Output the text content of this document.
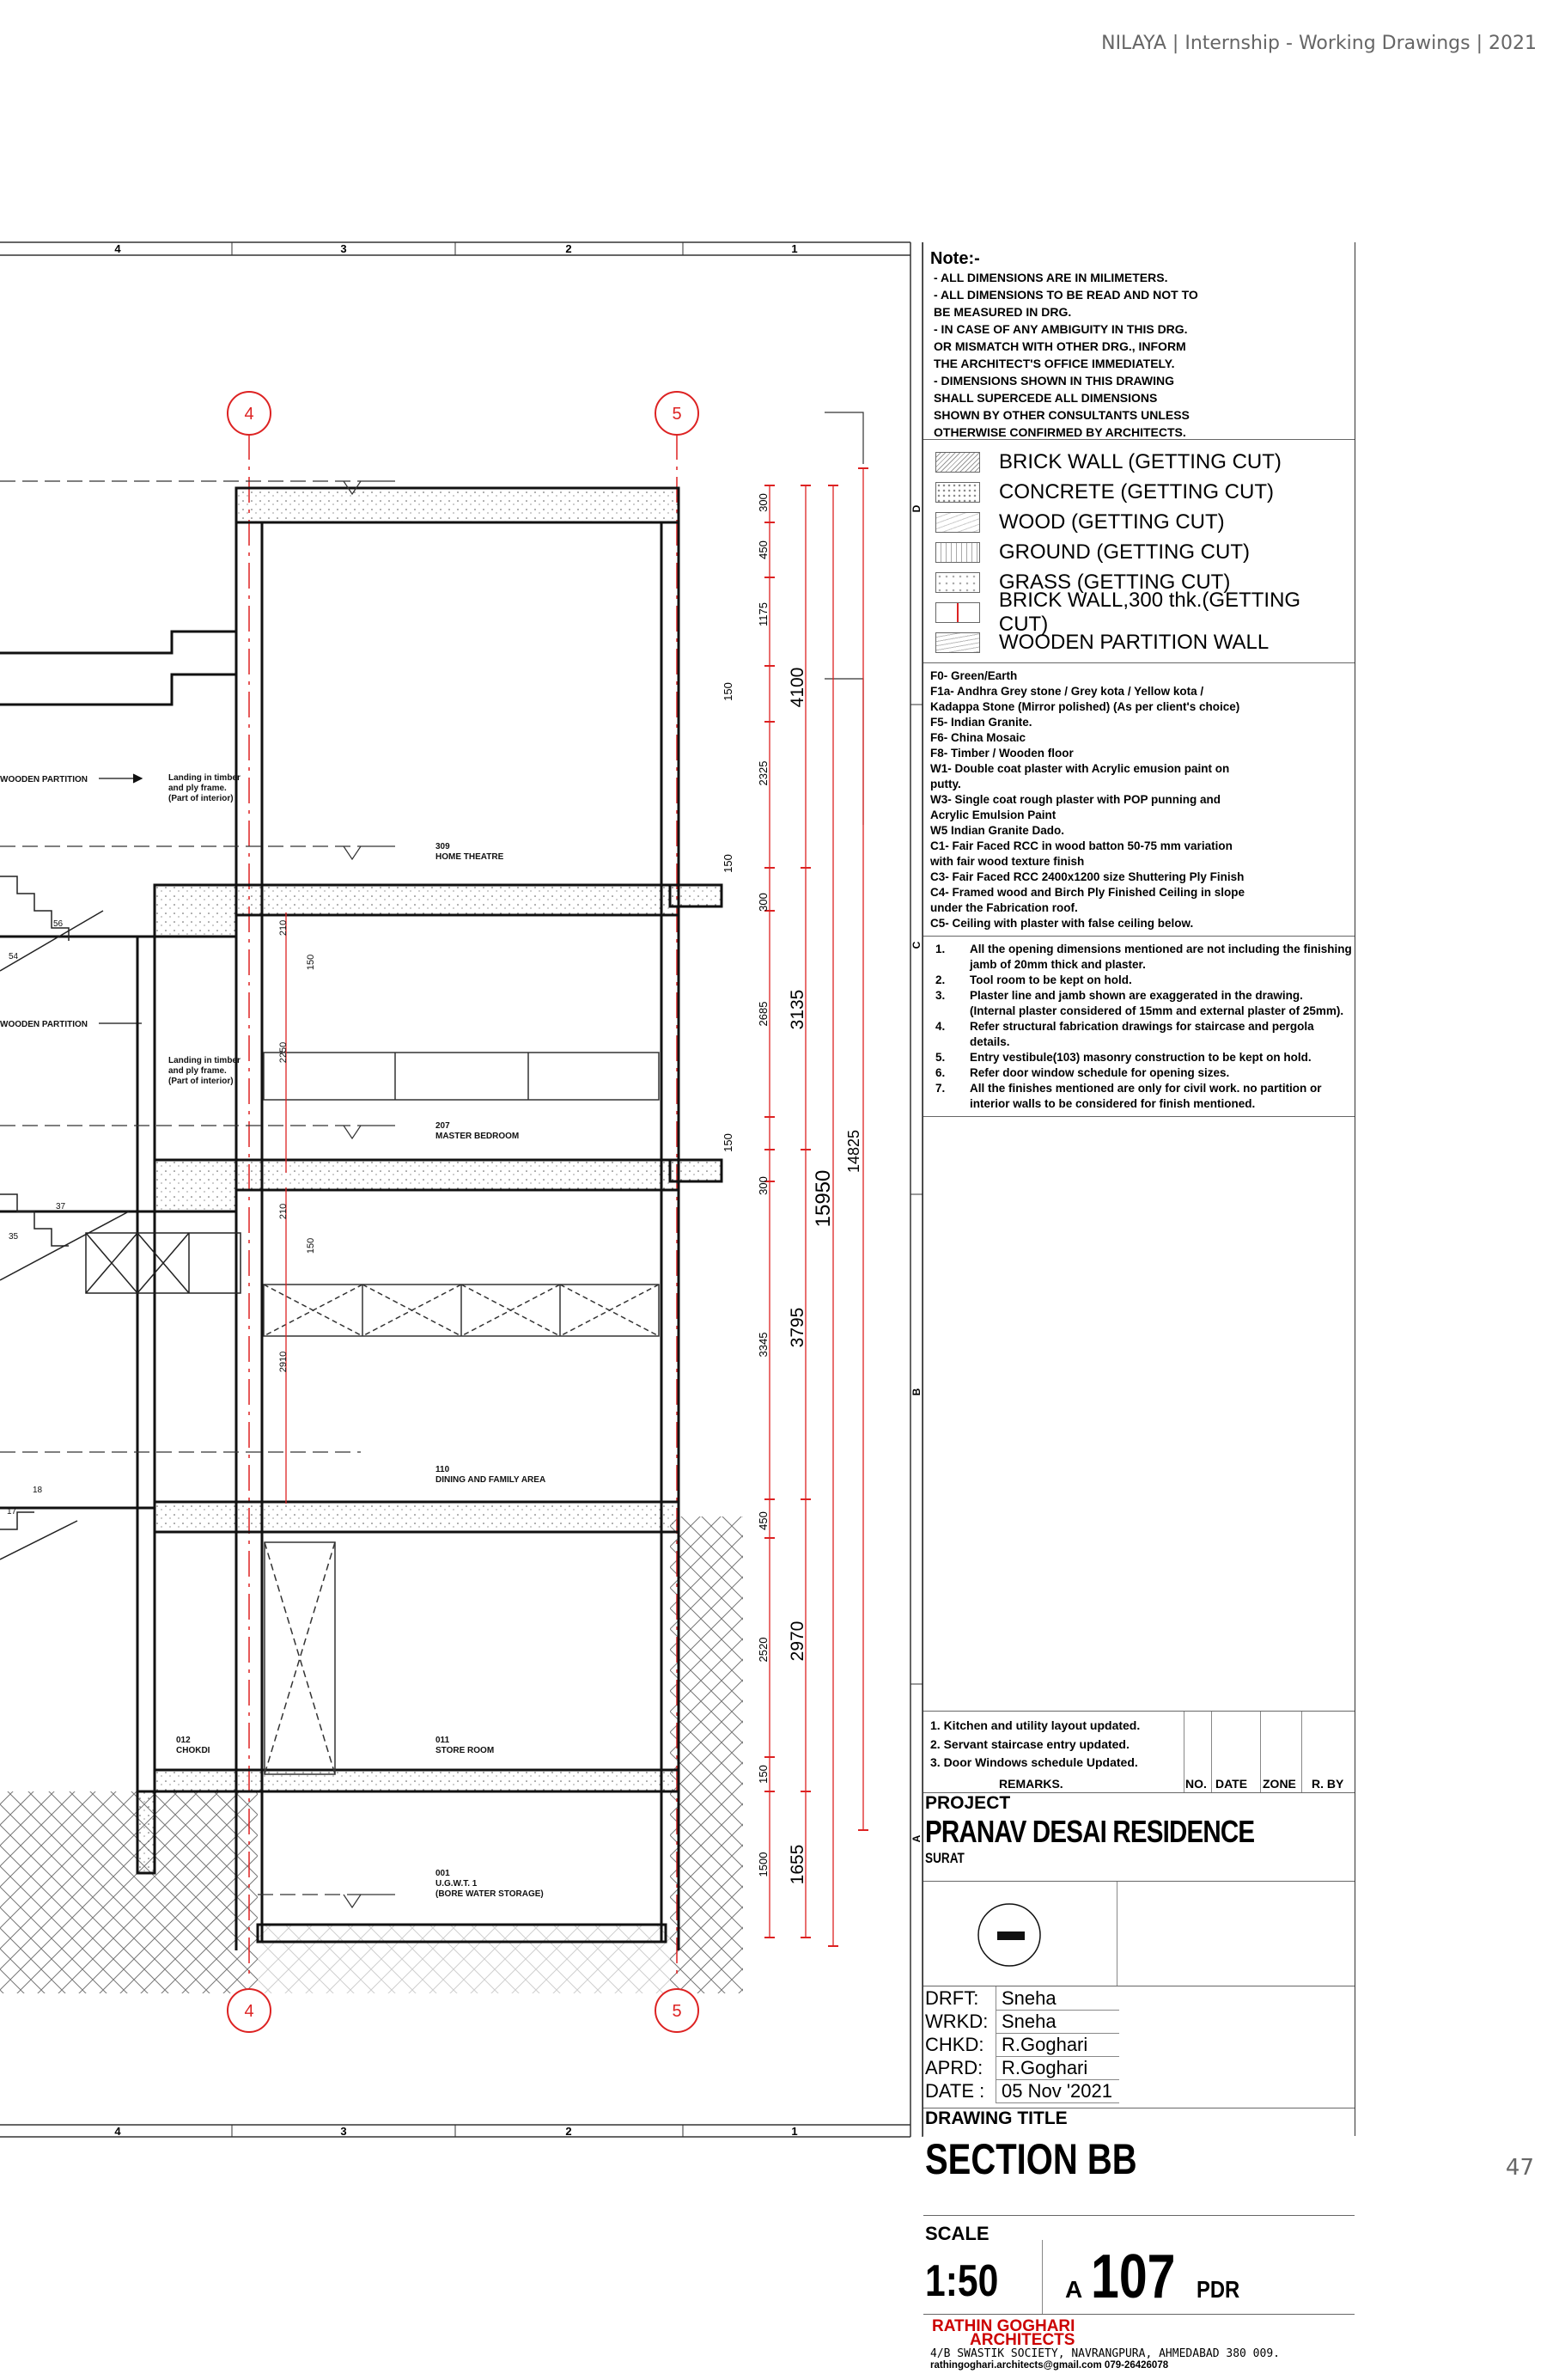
NILAYA | Internship - Working Drawings | 2021
4	3	2	1
4	3	2	1
D
C
B
A
4	5
4	5
300
450
1175
150
2325
150
300
2685
150
300
3345
450
2520
150
1500
4100
3135
3795
2970
1655
15950
14825
210
150
2250
210
150
2910
56
54
37
35
18
17
309
HOME THEATRE
207
MASTER BEDROOM
110
DINING AND FAMILY AREA
011
STORE ROOM
012
CHOKDI
001
U.G.W.T. 1
(BORE WATER STORAGE)
WOODEN PARTITION
WOODEN PARTITION
Landing in timber
and ply frame.
(Part of interior)
Landing in timber
and ply frame.
(Part of interior)
Note:-
- ALL DIMENSIONS ARE IN MILIMETERS.
- ALL DIMENSIONS TO BE READ AND NOT TO
BE MEASURED IN DRG.
- IN CASE OF ANY AMBIGUITY IN THIS DRG.
OR MISMATCH WITH OTHER DRG., INFORM
THE ARCHITECT'S OFFICE IMMEDIATELY.
- DIMENSIONS SHOWN IN THIS DRAWING
SHALL SUPERCEDE ALL DIMENSIONS
SHOWN BY OTHER CONSULTANTS UNLESS
OTHERWISE CONFIRMED BY ARCHITECTS.
BRICK WALL (GETTING CUT)
CONCRETE (GETTING CUT)
WOOD (GETTING CUT)
GROUND (GETTING CUT)
GRASS (GETTING CUT)
BRICK WALL,300 thk.(GETTING CUT)
WOODEN PARTITION WALL
F0- Green/Earth
F1a- Andhra Grey stone / Grey kota / Yellow kota /
Kadappa Stone (Mirror polished) (As per client's choice)
F5- Indian Granite.
F6- China Mosaic
F8- Timber / Wooden floor
W1- Double coat plaster with Acrylic emusion paint on
putty.
W3- Single coat rough plaster with POP punning and
Acrylic Emulsion Paint
W5 Indian Granite Dado.
C1- Fair Faced RCC in wood batton 50-75 mm variation
with fair wood texture finish
C3- Fair Faced RCC 2400x1200 size Shuttering Ply Finish
C4- Framed wood and Birch Ply Finished Ceiling in slope
under the Fabrication roof.
C5- Ceiling with plaster with false ceiling below.
1.	All the opening dimensions mentioned are not including the finishing
jamb of 20mm thick and plaster.
2.	Tool room to be kept on hold.
3.	Plaster line and jamb shown are exaggerated in the drawing.
(Internal plaster considered of 15mm and external plaster of 25mm).
4.	Refer structural fabrication drawings for staircase and pergola
details.
5.	Entry vestibule(103) masonry construction to be kept on hold.
6.	Refer door window schedule for opening sizes.
7.	All the finishes mentioned are only for civil work. no partition or
interior walls to be considered for finish mentioned.
1. Kitchen and utility layout updated.
2. Servant staircase entry updated.
3. Door Windows schedule Updated.
REMARKS.	NO. DATE ZONE R. BY
PROJECT
PRANAV DESAI RESIDENCE
SURAT
DRFT:	Sneha
WRKD: Sneha
CHKD: R.Goghari
APRD: R.Goghari
DATE : 05 Nov '2021
DRAWING TITLE
SECTION BB
SCALE
1:50	A 107 PDR
RATHIN GOGHARI
ARCHITECTS
4/B SWASTIK SOCIETY, NAVRANGPURA, AHMEDABAD 380 009.
rathingoghari.architects@gmail.com 079-26426078
47
